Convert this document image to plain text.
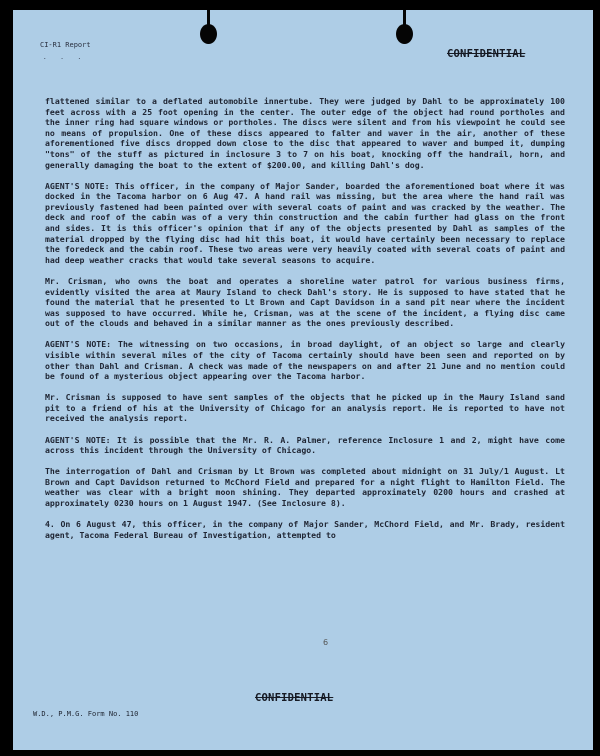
CI-R1 Report
. . .	CONFIDENTIAL

flattened similar to a deflated automobile innertube. They were judged by Dahl to be approximately 100 feet across with a 25 foot opening in the center. The outer edge of the object had round portholes and the inner ring had square windows or portholes. The discs were silent and from his viewpoint he could see no means of propulsion. One of these discs appeared to falter and waver in the air, another of these aforementioned five discs dropped down close to the disc that appeared to waver and bumped it, dumping "tons" of the stuff as pictured in inclosure 3 to 7 on his boat, knocking off the handrail, horn, and generally damaging the boat to the extent of $200.00, and killing Dahl's dog.

AGENT'S NOTE: This officer, in the company of Major Sander, boarded the aforementioned boat where it was docked in the Tacoma harbor on 6 Aug 47. A hand rail was missing, but the area where the hand rail was previously fastened had been painted over with several coats of paint and was cracked by the weather. The deck and roof of the cabin was of a very thin construction and the cabin further had glass on the front and sides. It is this officer's opinion that if any of the objects presented by Dahl as samples of the material dropped by the flying disc had hit this boat, it would have certainly been necessary to replace the foredeck and the cabin roof. These two areas were very heavily coated with several coats of paint and had deep weather cracks that would take several seasons to acquire.

Mr. Crisman, who owns the boat and operates a shoreline water patrol for various business firms, evidently visited the area at Maury Island to check Dahl's story. He is supposed to have stated that he found the material that he presented to Lt Brown and Capt Davidson in a sand pit near where the incident was supposed to have occurred. While he, Crisman, was at the scene of the incident, a flying disc came out of the clouds and behaved in a similar manner as the ones previously described.

AGENT'S NOTE: The witnessing on two occasions, in broad daylight, of an object so large and clearly visible within several miles of the city of Tacoma certainly should have been seen and reported on by other than Dahl and Crisman. A check was made of the newspapers on and after 21 June and no mention could be found of a mysterious object appearing over the Tacoma harbor.

Mr. Crisman is supposed to have sent samples of the objects that he picked up in the Maury Island sand pit to a friend of his at the University of Chicago for an analysis report. He is reported to have not received the analysis report.

AGENT'S NOTE: It is possible that the Mr. R. A. Palmer, reference Inclosure 1 and 2, might have come across this incident through the University of Chicago.

The interrogation of Dahl and Crisman by Lt Brown was completed about midnight on 31 July/1 August. Lt Brown and Capt Davidson returned to McChord Field and prepared for a night flight to Hamilton Field. The weather was clear with a bright moon shining. They departed approximately 0200 hours and crashed at approximately 0230 hours on 1 August 1947. (See Inclosure 8).

4. On 6 August 47, this officer, in the company of Major Sander, McChord Field, and Mr. Brady, resident agent, Tacoma Federal Bureau of Investigation, attempted to

6
CONFIDENTIAL
W.D., P.M.G. Form No. 110
